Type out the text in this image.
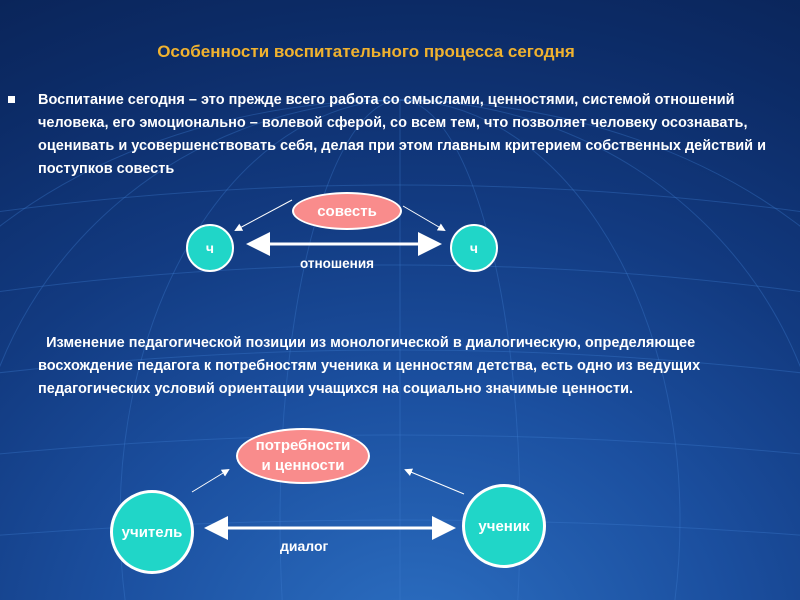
Особенности воспитательного процесса сегодня
Воспитание сегодня – это прежде всего работа со смыслами, ценностями, системой отношений человека, его эмоционально – волевой сферой, со всем тем, что позволяет человеку осознавать, оценивать и усовершенствовать себя, делая при этом главным критерием собственных действий и поступков совесть
совесть
ч	ч
отношения
Изменение педагогической позиции из монологической в диалогическую, определяющее восхождение педагога к потребностям ученика и ценностям детства, есть одно из ведущих педагогических условий ориентации учащихся на социально значимые ценности.
потребности
и ценности
учитель	ученик
диалог
